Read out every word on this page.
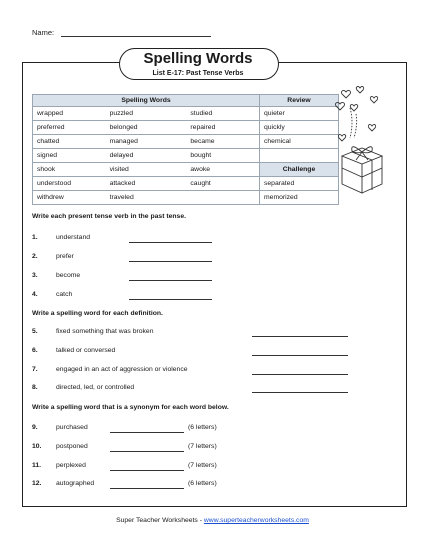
Name:
Spelling Words
List E-17: Past Tense Verbs
Spelling Words			Review
wrapped	puzzled	studied	quieter
preferred	belonged	repaired	quickly
chatted	managed	became	chemical
signed	delayed	bought	
shook	visited	awoke	Challenge
understood	attacked	caught	separated
withdrew	traveled		memorized
Write each present tense verb in the past tense.
1.	understand
2.	prefer
3.	become
4.	catch
Write a spelling word for each definition.
5.	fixed something that was broken
6.	talked or conversed
7.	engaged in an act of aggression or violence
8.	directed, led, or controlled
Write a spelling word that is a synonym for each word below.
9.	purchased	(6 letters)
10. postponed	(7 letters)
11. perplexed	(7 letters)
12. autographed	(6 letters)
Super Teacher Worksheets - www.superteacherworksheets.com
